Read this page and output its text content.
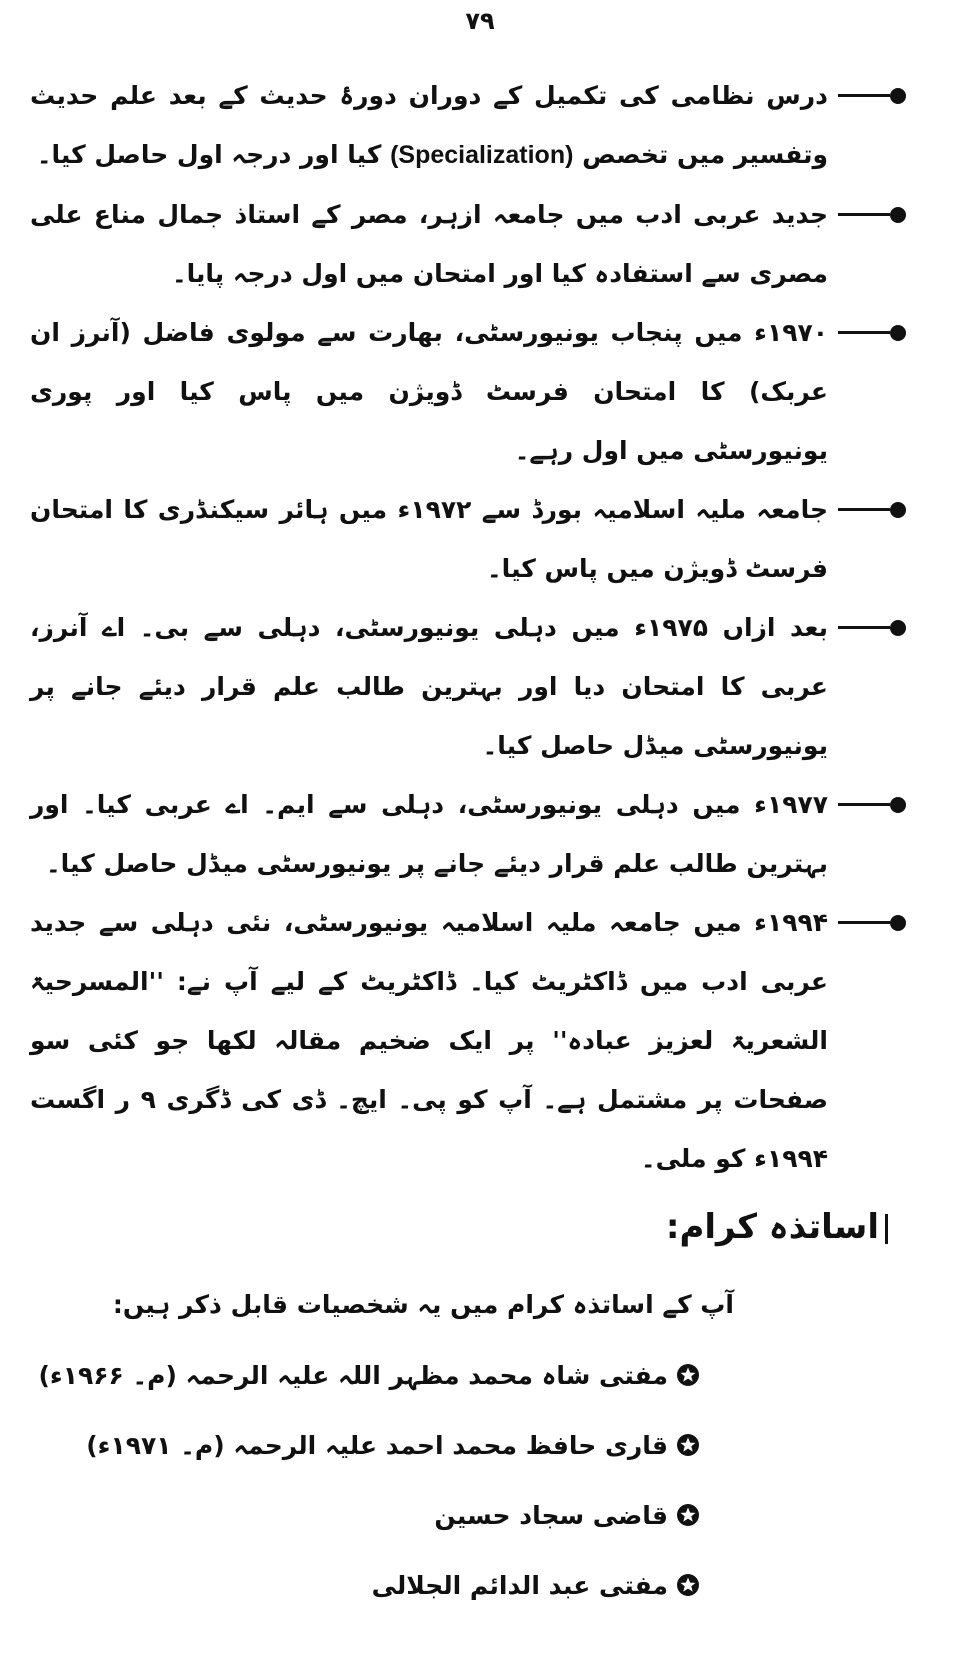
۷۹
درس نظامی کی تکمیل کے دوران دورۂ حدیث کے بعد علم حدیث وتفسیر میں تخصص (Specialization) کیا اور درجہ اول حاصل کیا۔
جدید عربی ادب میں جامعہ ازہر، مصر کے استاذ جمال مناع علی مصری سے استفادہ کیا اور امتحان میں اول درجہ پایا۔
۱۹۷۰ء میں پنجاب یونیورسٹی، بھارت سے مولوی فاضل (آنرز ان عربک) کا امتحان فرسٹ ڈویژن میں پاس کیا اور پوری یونیورسٹی میں اول رہے۔
جامعہ ملیہ اسلامیہ بورڈ سے ۱۹۷۲ء میں ہائر سیکنڈری کا امتحان فرسٹ ڈویژن میں پاس کیا۔
بعد ازاں ۱۹۷۵ء میں دہلی یونیورسٹی، دہلی سے بی۔ اے آنرز، عربی کا امتحان دیا اور بہترین طالب علم قرار دیئے جانے پر یونیورسٹی میڈل حاصل کیا۔
۱۹۷۷ء میں دہلی یونیورسٹی، دہلی سے ایم۔ اے عربی کیا۔ اور بہترین طالب علم قرار دیئے جانے پر یونیورسٹی میڈل حاصل کیا۔
۱۹۹۴ء میں جامعہ ملیہ اسلامیہ یونیورسٹی، نئی دہلی سے جدید عربی ادب میں ڈاکٹریٹ کیا۔ ڈاکٹریٹ کے لیے آپ نے: ''المسرحیۃ الشعریۃ لعزیز عبادہ'' پر ایک ضخیم مقالہ لکھا جو کئی سو صفحات پر مشتمل ہے۔ آپ کو پی۔ ایچ۔ ڈی کی ڈگری ۹ ر اگست ۱۹۹۴ء کو ملی۔
اساتذہ کرام:

آپ کے اساتذہ کرام میں یہ شخصیات قابل ذکر ہیں:

مفتی شاہ محمد مظہر اللہ علیہ الرحمہ (م۔ ۱۹۶۶ء)
قاری حافظ محمد احمد علیہ الرحمہ (م۔ ۱۹۷۱ء)
قاضی سجاد حسین
مفتی عبد الدائم الجلالی
